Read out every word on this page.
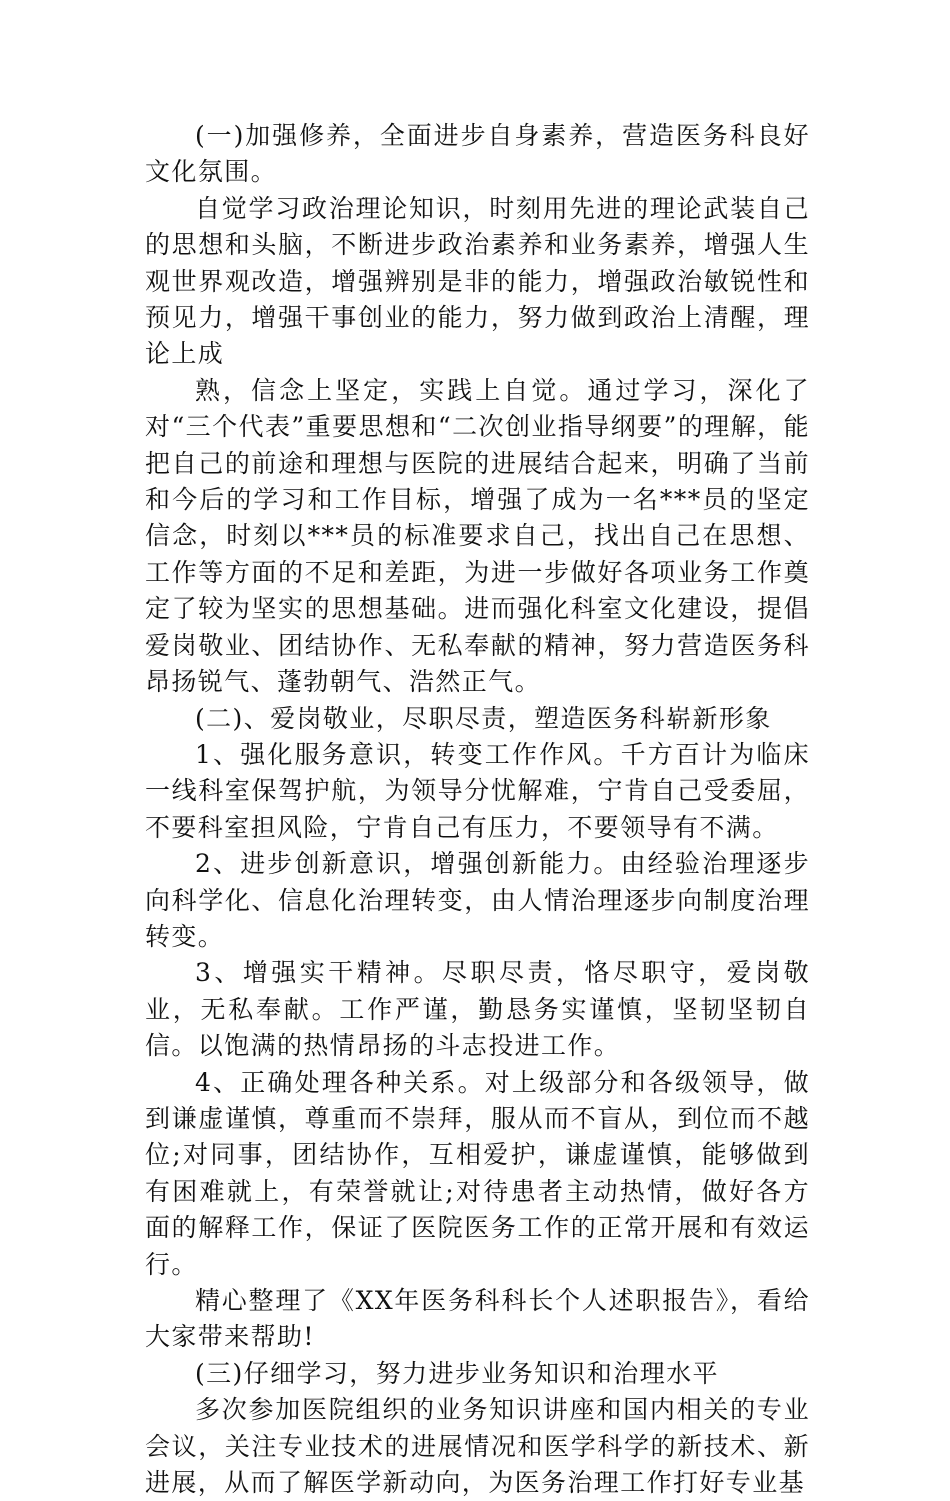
(一)加强修养，全面进步自身素养，营造医务科良好文化氛围。

自觉学习政治理论知识，时刻用先进的理论武装自己的思想和头脑，不断进步政治素养和业务素养，增强人生观世界观改造，增强辨别是非的能力，增强政治敏锐性和预见力，增强干事创业的能力，努力做到政治上清醒，理论上成

熟，信念上坚定，实践上自觉。通过学习，深化了对“三个代表”重要思想和“二次创业指导纲要”的理解，能把自己的前途和理想与医院的进展结合起来，明确了当前和今后的学习和工作目标，增强了成为一名***员的坚定信念，时刻以***员的标准要求自己，找出自己在思想、工作等方面的不足和差距，为进一步做好各项业务工作奠定了较为坚实的思想基础。进而强化科室文化建设，提倡爱岗敬业、团结协作、无私奉献的精神，努力营造医务科昂扬锐气、蓬勃朝气、浩然正气。

(二)、爱岗敬业，尽职尽责，塑造医务科崭新形象

1、强化服务意识，转变工作作风。千方百计为临床一线科室保驾护航，为领导分忧解难，宁肯自己受委屈，不要科室担风险，宁肯自己有压力，不要领导有不满。

2、进步创新意识，增强创新能力。由经验治理逐步向科学化、信息化治理转变，由人情治理逐步向制度治理转变。

3、增强实干精神。尽职尽责，恪尽职守，爱岗敬业，无私奉献。工作严谨，勤恳务实谨慎，坚韧坚韧自信。以饱满的热情昂扬的斗志投进工作。

4、正确处理各种关系。对上级部分和各级领导，做到谦虚谨慎，尊重而不崇拜，服从而不盲从，到位而不越位;对同事，团结协作，互相爱护，谦虚谨慎，能够做到有困难就上，有荣誉就让;对待患者主动热情，做好各方面的解释工作，保证了医院医务工作的正常开展和有效运行。

精心整理了《XX年医务科科长个人述职报告》，看给大家带来帮助!

(三)仔细学习，努力进步业务知识和治理水平

多次参加医院组织的业务知识讲座和国内相关的专业会议，关注专业技术的进展情况和医学科学的新技术、新进展，从而了解医学新动向，为医务治理工作打好专业基
